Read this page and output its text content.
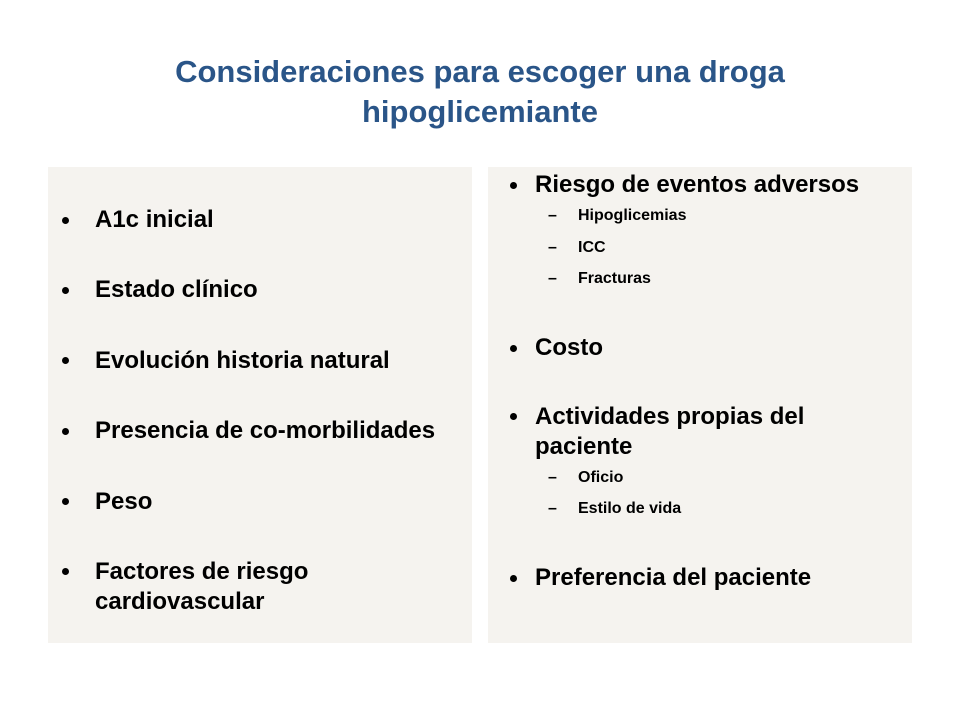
Consideraciones para escoger una droga hipoglicemiante
A1c inicial
Estado clínico
Evolución historia natural
Presencia de co-morbilidades
Peso
Factores de riesgo cardiovascular
Riesgo de eventos adversos
– Hipoglicemias
– ICC
– Fracturas
Costo
Actividades propias del paciente
– Oficio
– Estilo de vida
Preferencia del paciente
